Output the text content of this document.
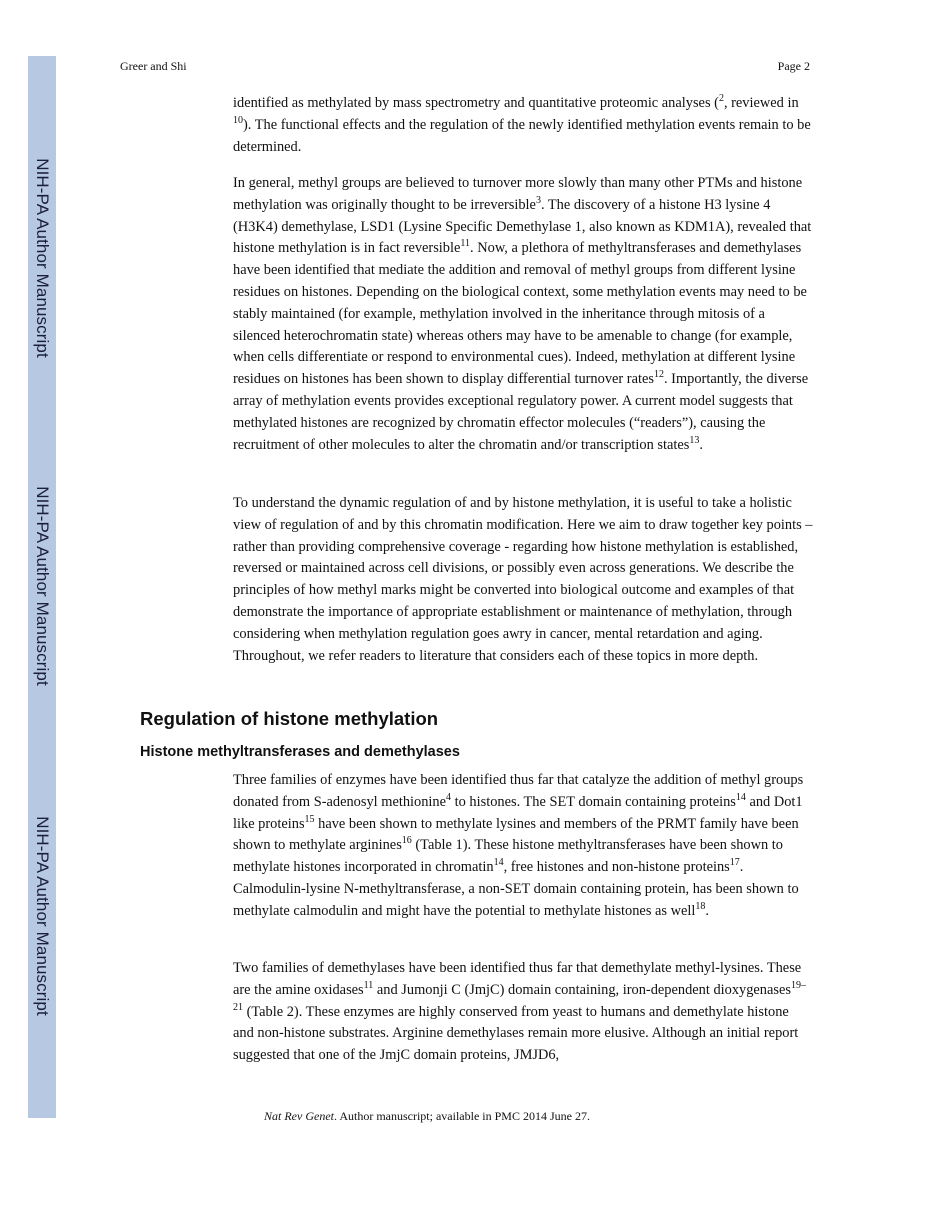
NIH-PA Author Manuscript
NIH-PA Author Manuscript
NIH-PA Author Manuscript
Greer and Shi	Page 2

identified as methylated by mass spectrometry and quantitative proteomic analyses ($^2$, reviewed in $^{10}$). The functional effects and the regulation of the newly identified methylation events remain to be determined.

In general, methyl groups are believed to turnover more slowly than many other PTMs and histone methylation was originally thought to be irreversible$^3$. The discovery of a histone H3 lysine 4 (H3K4) demethylase, LSD1 (Lysine Specific Demethylase 1, also known as KDM1A), revealed that histone methylation is in fact reversible$^{11}$. Now, a plethora of methyltransferases and demethylases have been identified that mediate the addition and removal of methyl groups from different lysine residues on histones. Depending on the biological context, some methylation events may need to be stably maintained (for example, methylation involved in the inheritance through mitosis of a silenced heterochromatin state) whereas others may have to be amenable to change (for example, when cells differentiate or respond to environmental cues). Indeed, methylation at different lysine residues on histones has been shown to display differential turnover rates$^{12}$. Importantly, the diverse array of methylation events provides exceptional regulatory power. A current model suggests that methylated histones are recognized by chromatin effector molecules (“readers”), causing the recruitment of other molecules to alter the chromatin and/or transcription states$^{13}$.

To understand the dynamic regulation of and by histone methylation, it is useful to take a holistic view of regulation of and by this chromatin modification. Here we aim to draw together key points – rather than providing comprehensive coverage - regarding how histone methylation is established, reversed or maintained across cell divisions, or possibly even across generations. We describe the principles of how methyl marks might be converted into biological outcome and examples of that demonstrate the importance of appropriate establishment or maintenance of methylation, through considering when methylation regulation goes awry in cancer, mental retardation and aging. Throughout, we refer readers to literature that considers each of these topics in more depth.

Regulation of histone methylation
Histone methyltransferases and demethylases

Three families of enzymes have been identified thus far that catalyze the addition of methyl groups donated from S-adenosyl methionine$^4$ to histones. The SET domain containing proteins$^{14}$ and Dot1 like proteins$^{15}$ have been shown to methylate lysines and members of the PRMT family have been shown to methylate arginines$^{16}$ (Table 1). These histone methyltransferases have been shown to methylate histones incorporated in chromatin$^{14}$, free histones and non-histone proteins$^{17}$. Calmodulin-lysine N-methyltransferase, a non-SET domain containing protein, has been shown to methylate calmodulin and might have the potential to methylate histones as well$^{18}$.

Two families of demethylases have been identified thus far that demethylate methyl-lysines. These are the amine oxidases$^{11}$ and Jumonji C (JmjC) domain containing, iron-dependent dioxygenases$^{19-21}$ (Table 2). These enzymes are highly conserved from yeast to humans and demethylate histone and non-histone substrates. Arginine demethylases remain more elusive. Although an initial report suggested that one of the JmjC domain proteins, JMJD6,

Nat Rev Genet. Author manuscript; available in PMC 2014 June 27.
